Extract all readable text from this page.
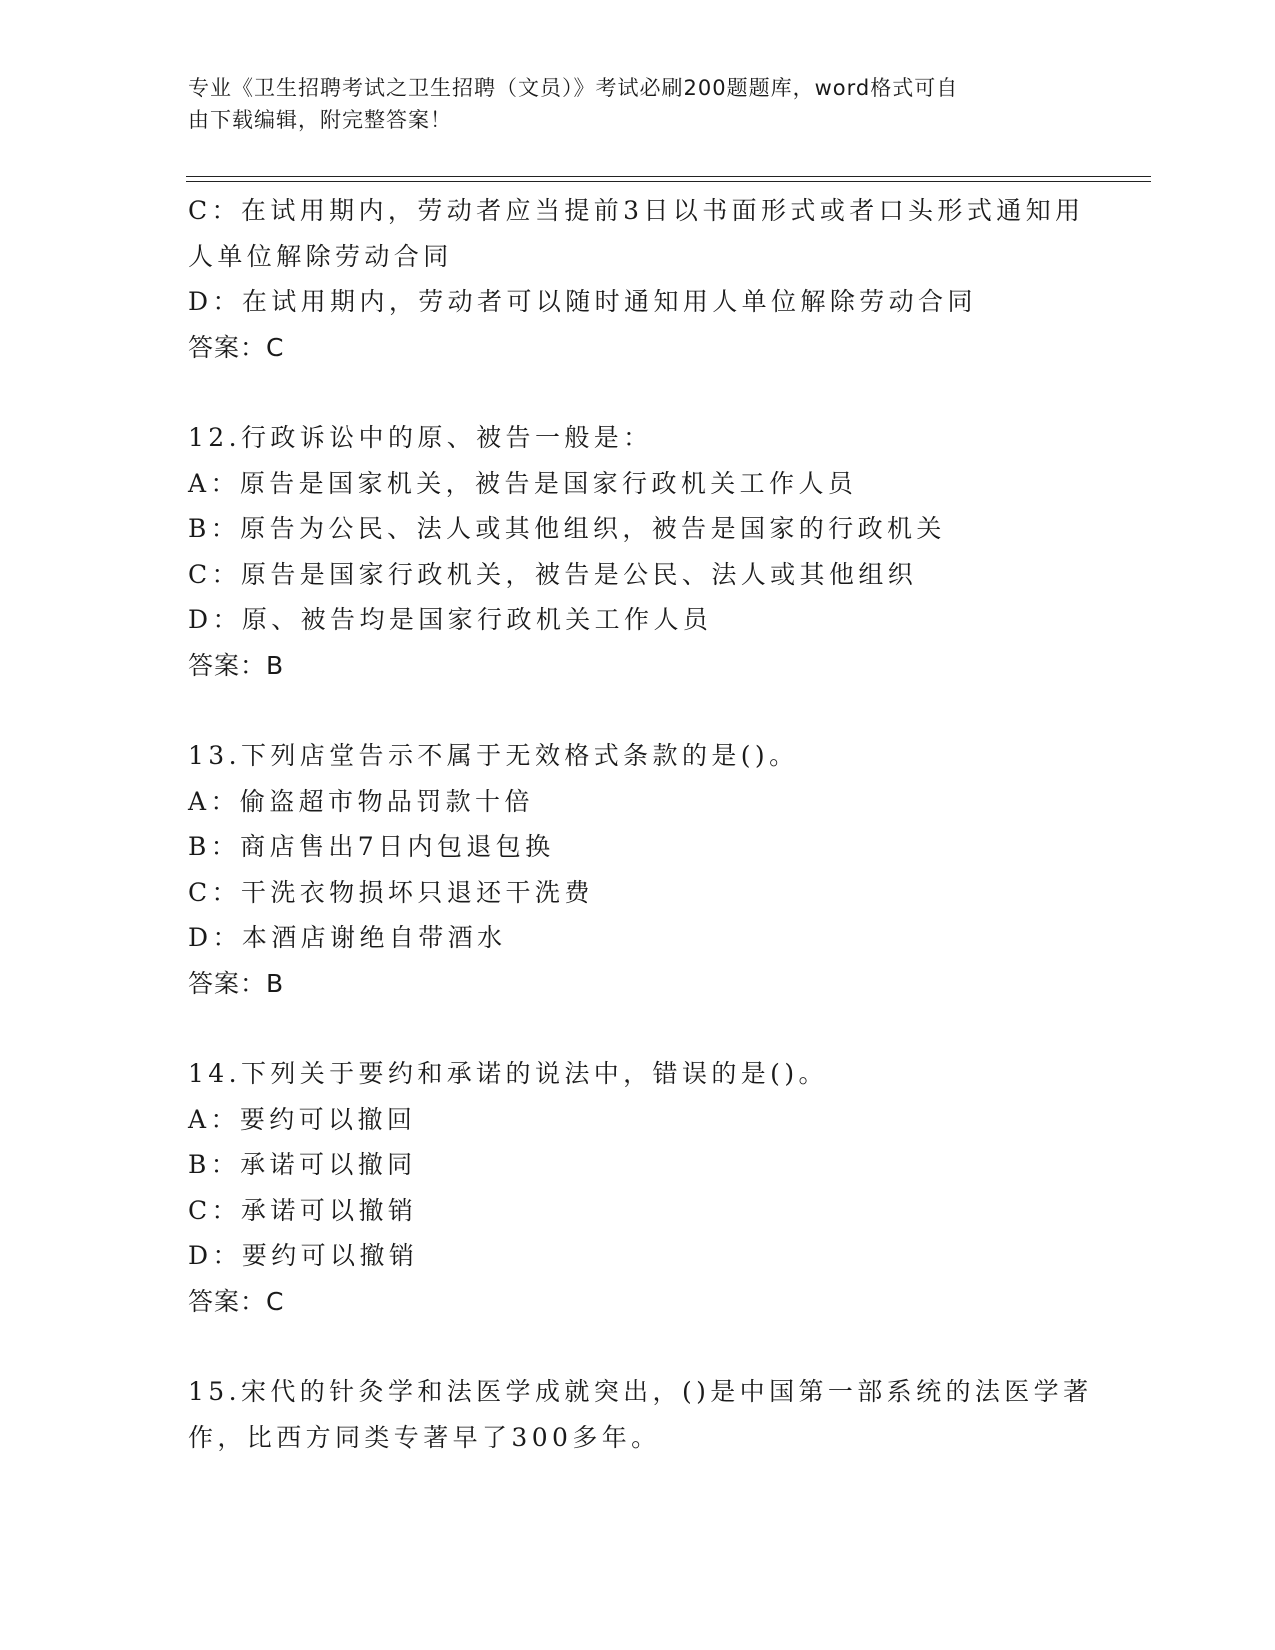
专业《卫生招聘考试之卫生招聘（文员）》考试必刷200题题库，word格式可自
由下载编辑，附完整答案！
C：在试用期内，劳动者应当提前3日以书面形式或者口头形式通知用
人单位解除劳动合同
D：在试用期内，劳动者可以随时通知用人单位解除劳动合同
答案：C
12.行政诉讼中的原、被告一般是：
A：原告是国家机关，被告是国家行政机关工作人员
B：原告为公民、法人或其他组织，被告是国家的行政机关
C：原告是国家行政机关，被告是公民、法人或其他组织
D：原、被告均是国家行政机关工作人员
答案：B
13.下列店堂告示不属于无效格式条款的是()。
A：偷盗超市物品罚款十倍
B：商店售出7日内包退包换
C：干洗衣物损坏只退还干洗费
D：本酒店谢绝自带酒水
答案：B
14.下列关于要约和承诺的说法中，错误的是()。
A：要约可以撤回
B：承诺可以撤同
C：承诺可以撤销
D：要约可以撤销
答案：C
15.宋代的针灸学和法医学成就突出，()是中国第一部系统的法医学著
作，比西方同类专著早了300多年。
